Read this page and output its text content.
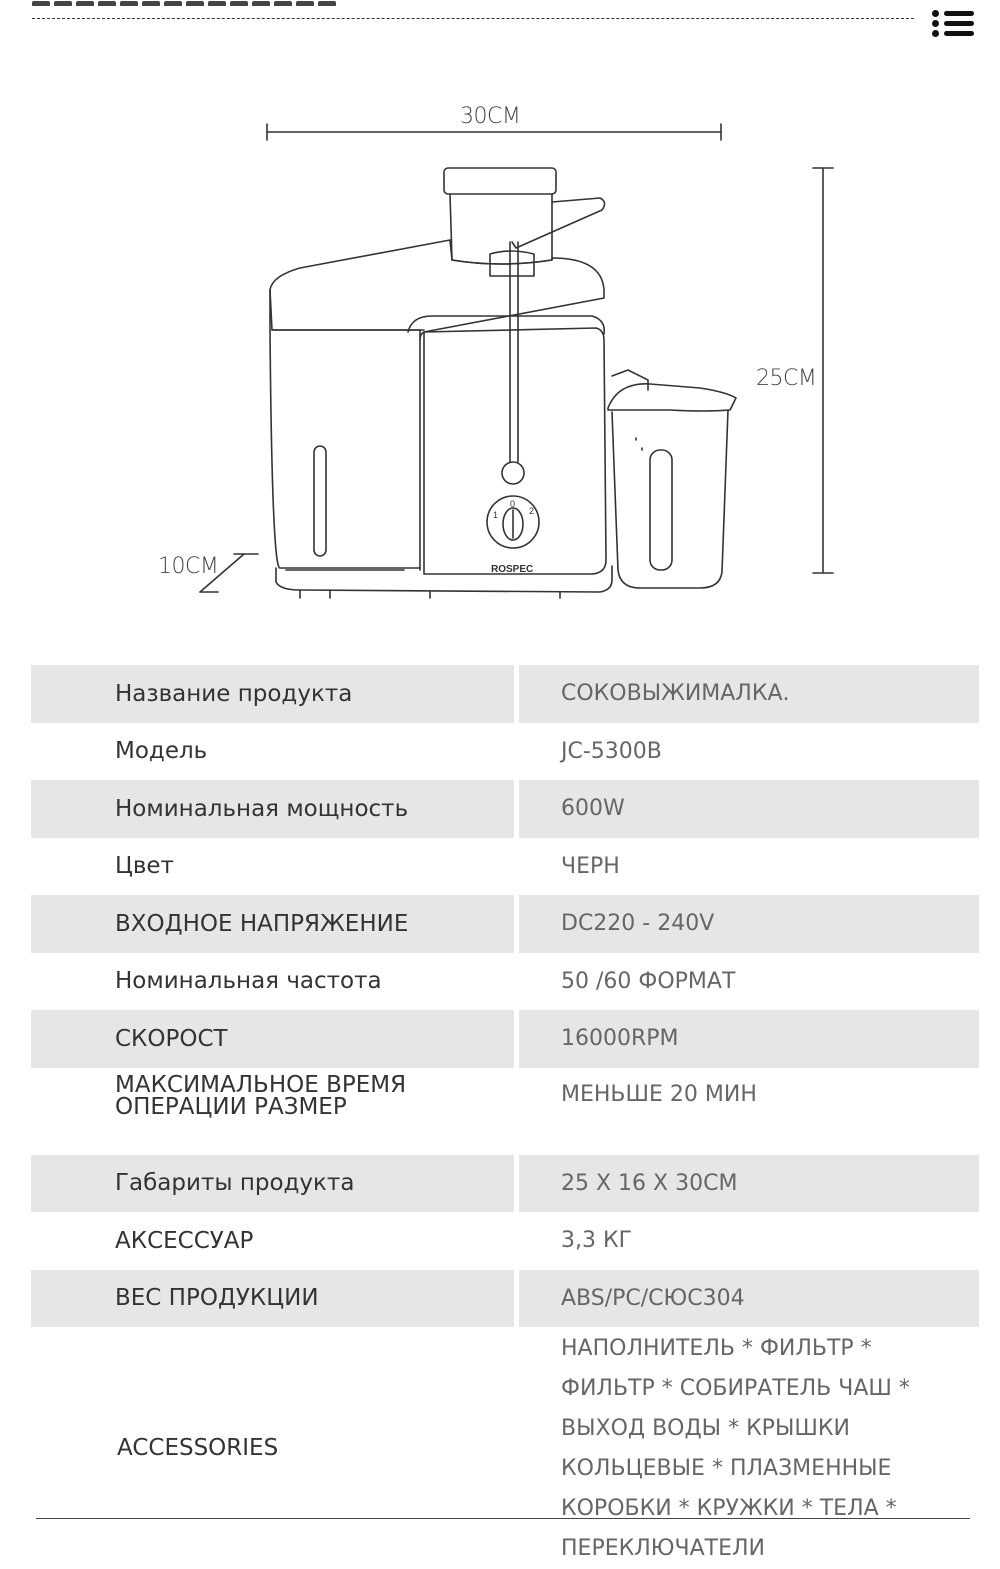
ROSPEC
1
0
2
30CM
25CM
10CM
Название продукта		СОКОВЫЖИМАЛКА.
Модель		JC-5300B
Номинальная мощность		600W
Цвет		ЧЕРН
ВХОДНОЕ НАПРЯЖЕНИЕ		DC220 - 240V
Номинальная частота		50 /60 ФОРМАТ
СКОРОСТ		16000RPM
МАКСИМАЛЬНОЕ ВРЕМЯ ОПЕРАЦИИ РАЗМЕР		МЕНЬШЕ 20 МИН
Габариты продукта		25 X 16 X 30CM
АКСЕССУАР		3,3 КГ
ВЕС ПРОДУКЦИИ		ABS/PC/СЮС304
ACCESSORIES		НАПОЛНИТЕЛЬ * ФИЛЬТР * ФИЛЬТР * СОБИРАТЕЛЬ ЧАШ * ВЫХОД ВОДЫ * КРЫШКИ КОЛЬЦЕВЫЕ * ПЛАЗМЕННЫЕ КОРОБКИ * КРУЖКИ * ТЕЛА * ПЕРЕКЛЮЧАТЕЛИ
